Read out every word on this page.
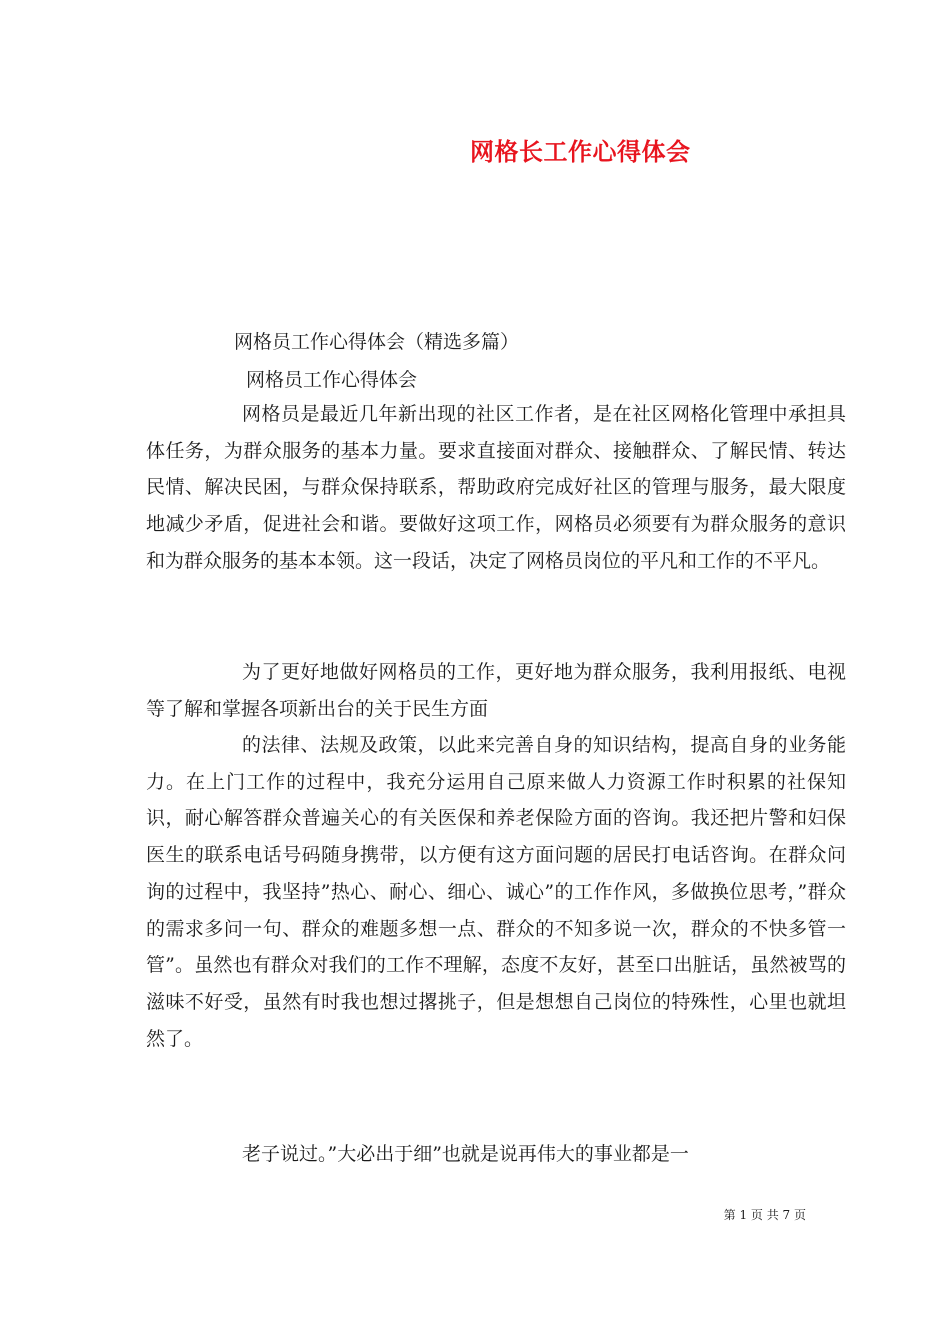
网格长工作心得体会
网格员工作心得体会（精选多篇）
网格员工作心得体会

网格员是最近几年新出现的社区工作者，是在社区网格化管理中承担具体任务，为群众服务的基本力量。要求直接面对群众、接触群众、了解民情、转达民情、解决民困，与群众保持联系，帮助政府完成好社区的管理与服务，最大限度地减少矛盾，促进社会和谐。要做好这项工作，网格员必须要有为群众服务的意识和为群众服务的基本本领。这一段话，决定了网格员岗位的平凡和工作的不平凡。

为了更好地做好网格员的工作，更好地为群众服务，我利用报纸、电视等了解和掌握各项新出台的关于民生方面

的法律、法规及政策，以此来完善自身的知识结构，提高自身的业务能力。在上门工作的过程中，我充分运用自己原来做人力资源工作时积累的社保知识，耐心解答群众普遍关心的有关医保和养老保险方面的咨询。我还把片警和妇保医生的联系电话号码随身携带，以方便有这方面问题的居民打电话咨询。在群众问询的过程中，我坚持”热心、耐心、细心、诚心”的工作作风，多做换位思考，”群众的需求多问一句、群众的难题多想一点、群众的不知多说一次，群众的不快多管一管”。虽然也有群众对我们的工作不理解，态度不友好，甚至口出脏话，虽然被骂的滋味不好受，虽然有时我也想过撂挑子，但是想想自己岗位的特殊性，心里也就坦然了。

老子说过。”大必出于细”也就是说再伟大的事业都是一

第 1 页 共 7 页
